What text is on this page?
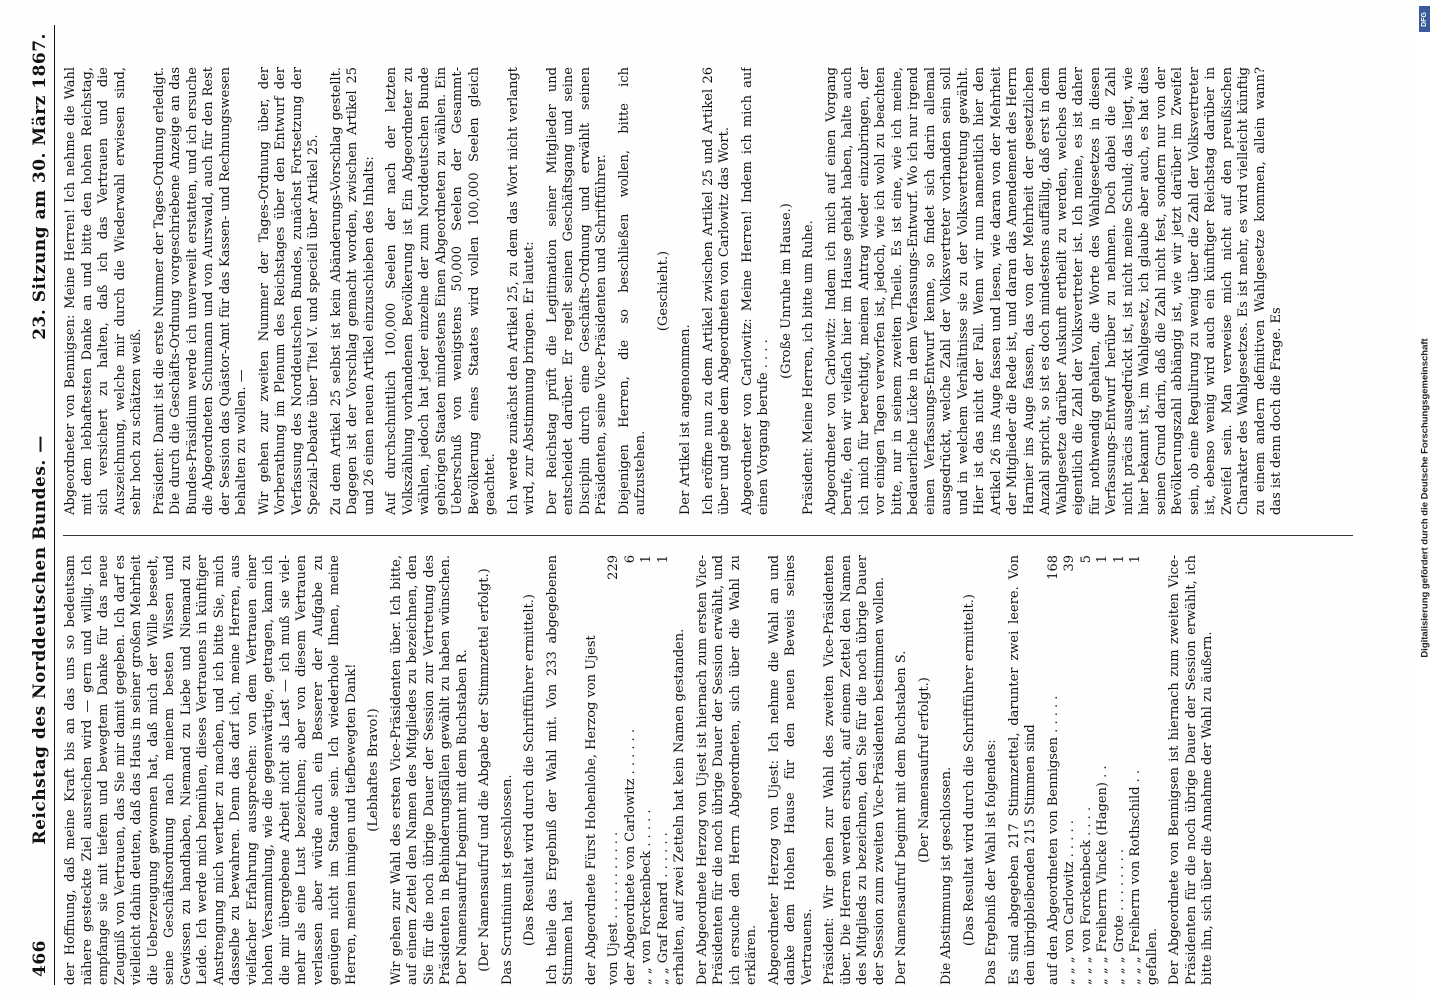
466
Reichstag des Norddeutschen Bundes. —
23. Sitzung am 30. März 1867.

der Hoffnung, daß meine Kraft bis an das uns so bedeutsam nähere gesteckte Ziel ausreichen wird — gern und willig. Ich empfange sie mit tiefem und bewegtem Danke für das neue Zeugniß von Vertrauen, das Sie mir damit gegeben. Ich darf es vielleicht dahin deuten, daß das Haus in seiner großen Mehrheit die Ueberzeugung gewonnen hat, daß mich der Wille beseelt, seine Geschäftsordnung nach meinem besten Wissen und Gewissen zu handhaben, Niemand zu Liebe und Niemand zu Leide. Ich werde mich bemühen, dieses Vertrauens in künftiger Anstrengung mich werther zu machen, und ich bitte Sie, mich dasselbe zu bewahren. Denn das darf ich, meine Herren, aus vielfacher Erfahrung aussprechen: von dem Vertrauen einer hohen Versammlung, wie die gegenwärtige, getragen, kann ich die mir übergebene Arbeit nicht als Last — ich muß sie viel-mehr als eine Lust bezeichnen; aber von diesem Vertrauen verlassen aber würde auch ein Besserer der Aufgabe zu genügen nicht im Stande sein. Ich wiederhole Ihnen, meine Herren, meinen innigen und tiefbewegten Dank! (Lebhaftes Bravo!) Wir gehen zur Wahl des ersten Vice-Präsidenten über. Ich bitte, auf einem Zettel den Namen des Mitgliedes zu bezeichnen, den Sie für die noch übrige Dauer der Session zur Vertretung des Präsidenten in Behinderungsfällen gewählt zu haben wünschen. Der Namensaufruf beginnt mit dem Buchstaben R. (Der Namensaufruf und die Abgabe der Stimmzettel erfolgt.) Das Scrutinium ist geschlossen. (Das Resultat wird durch die Schriftführer ermittelt.) Ich theile das Ergebniß der Wahl mit. Von 233 abgegebenen Stimmen hat der Abgeordnete Fürst Hohenlohe, Herzog von Ujest von Ujest . . . . . . . . . . .
229
der Abgeordnete von Carlowitz . . . . . .
6
„ „ von Forckenbeck . . . . .
1
„ „ Graf Renard . . . . . .
1

erhalten, auf zwei Zetteln hat kein Namen gestanden. Der Abgeordnete Herzog von Ujest ist hiernach zum ersten Vice-Präsidenten für die noch übrige Dauer der Session erwählt, und ich ersuche den Herrn Abgeordneten, sich über die Wahl zu erklären. Abgeordneter Herzog von Ujest: Ich nehme die Wahl an und danke dem Hohen Hause für den neuen Beweis seines Vertrauens. Präsident: Wir gehen zur Wahl des zweiten Vice-Präsidenten über. Die Herren werden ersucht, auf einem Zettel den Namen des Mitglieds zu bezeichnen, den Sie für die noch übrige Dauer der Session zum zweiten Vice-Präsidenten bestimmen wollen. Der Namensaufruf beginnt mit dem Buchstaben S. (Der Namensaufruf erfolgt.) Die Abstimmung ist geschlossen. (Das Resultat wird durch die Schriftführer ermittelt.) Das Ergebniß der Wahl ist folgendes: Es sind abgegeben 217 Stimmzettel, darunter zwei leere. Von den übrigbleibenden 215 Stimmen sind auf den Abgeordneten von Bennigsen . . . . .
168
„ „ „ von Carlowitz . . . . .
39
„ „ „ von Forckenbeck . . . .
5
„ „ „ Freiherrn Vincke (Hagen) . .
1
„ „ „ Grote . . . . . . . .
1
„ „ „ Freiherrn von Rothschild . .
1

gefallen. Der Abgeordnete von Bennigsen ist hiernach zum zweiten Vice-Präsidenten für die noch übrige Dauer der Session erwählt, ich bitte ihn, sich über die Annahme der Wahl zu äußern.

Abgeordneter von Bennigsen: Meine Herren! Ich nehme die Wahl mit dem lebhaftesten Danke an und bitte den hohen Reichstag, sich versichert zu halten, daß ich das Vertrauen und die Auszeichnung, welche mir durch die Wiederwahl erwiesen sind, sehr hoch zu schätzen weiß. Präsident: Damit ist die erste Nummer der Tages-Ordnung erledigt. Die durch die Geschäfts-Ordnung vorgeschriebene Anzeige an das Bundes-Präsidium werde ich unverweilt erstatten, und ich ersuche die Abgeordneten Schumann und von Aurswald, auch für den Rest der Session das Quästor-Amt für das Kassen- und Rechnungswesen behalten zu wollen. — Wir gehen zur zweiten Nummer der Tages-Ordnung über, der Vorberathung im Plenum des Reichstages über den Entwurf der Verfassung des Norddeutschen Bundes, zunächst Fortsetzung der Spezial-Debatte über Titel V. und speciell über Artikel 25. Zu dem Artikel 25 selbst ist kein Abänderungs-Vorschlag gestellt. Dagegen ist der Vorschlag gemacht worden, zwischen Artikel 25 und 26 einen neuen Artikel einzuschieben des Inhalts: Auf durchschnittlich 100,000 Seelen der nach der letzten Volkszählung vorhandenen Bevölkerung ist Ein Abgeordneter zu wählen, jedoch hat jeder einzelne der zum Norddeutschen Bunde gehörigen Staaten mindestens Einen Abgeordneten zu wählen. Ein Ueberschuß von wenigstens 50,000 Seelen der Gesammt-Bevölkerung eines Staates wird vollen 100,000 Seelen gleich geachtet. Ich werde zunächst den Artikel 25, zu dem das Wort nicht verlangt wird, zur Abstimmung bringen. Er lautet: Der Reichstag prüft die Legitimation seiner Mitglieder und entscheidet darüber. Er regelt seinen Geschäftsgang und seine Disciplin durch eine Geschäfts-Ordnung und erwählt seinen Präsidenten, seine Vice-Präsidenten und Schriftführer. Diejenigen Herren, die so beschließen wollen, bitte ich aufzustehen.

(Geschieht.)

Der Artikel ist angenommen. Ich eröffne nun zu dem Artikel zwischen Artikel 25 und Artikel 26 über und gebe dem Abgeordneten von Carlowitz das Wort. Abgeordneter von Carlowitz: Meine Herren! Indem ich mich auf einen Vorgang berufe . . . .

(Große Unruhe im Hause.) Präsident: Meine Herren, ich bitte um Ruhe. Abgeordneter von Carlowitz: Indem ich mich auf einen Vorgang berufe, den wir vielfach hier im Hause gehabt haben, halte auch ich mich für berechtigt, meinen Antrag wieder einzubringen, der vor einigen Tagen verworfen ist, jedoch, wie ich wohl zu beachten bitte, nur in seinem zweiten Theile. Es ist eine, wie ich meine, bedauerliche Lücke in dem Verfassungs-Entwurf. Wo ich nur irgend einen Verfassungs-Entwurf kenne, so findet sich darin allemal ausgedrückt, welche Zahl der Volksvertreter vorhanden sein soll und in welchem Verhältnisse sie zu der Volksvertretung gewählt. Hier ist das nicht der Fall. Wenn wir nun namentlich hier den Artikel 26 ins Auge fassen und lesen, wie daran von der Mehrheit der Mitglieder die Rede ist, und daran das Amendement des Herrn Harnier ins Auge fassen, das von der Mehrheit der gesetzlichen Anzahl spricht, so ist es doch mindestens auffällig, daß erst in dem Wahlgesetze darüber Auskunft ertheilt zu werden, welches denn eigentlich die Zahl der Volksvertreter ist. Ich meine, es ist daher für nothwendig gehalten, die Worte des Wahlgesetzes in diesen Verfassungs-Entwurf herüber zu nehmen. Doch dabei die Zahl nicht präcis ausgedrückt ist, ist nicht meine Schuld; das liegt, wie hier bekannt ist, im Wahlgesetz, ich glaube aber auch, es hat dies seinen Grund darin, daß die Zahl nicht fest, sondern nur von der Bevölkerungszahl abhängig ist, wie wir jetzt darüber im Zweifel sein, ob eine Regulirung zu wenig über die Zahl der Volksvertreter ist, ebenso wenig wird auch ein künftiger Reichstag darüber in Zweifel sein. Man verweise mich nicht auf den preußischen Charakter des Wahlgesetzes. Es ist mehr, es wird vielleicht künftig zu einem andern definitiven Wahlgesetze kommen, allein wann? das ist denn doch die Frage. Es	Digitalisierung gefördert durch die Deutsche Forschungsgemeinschaft
DFG
